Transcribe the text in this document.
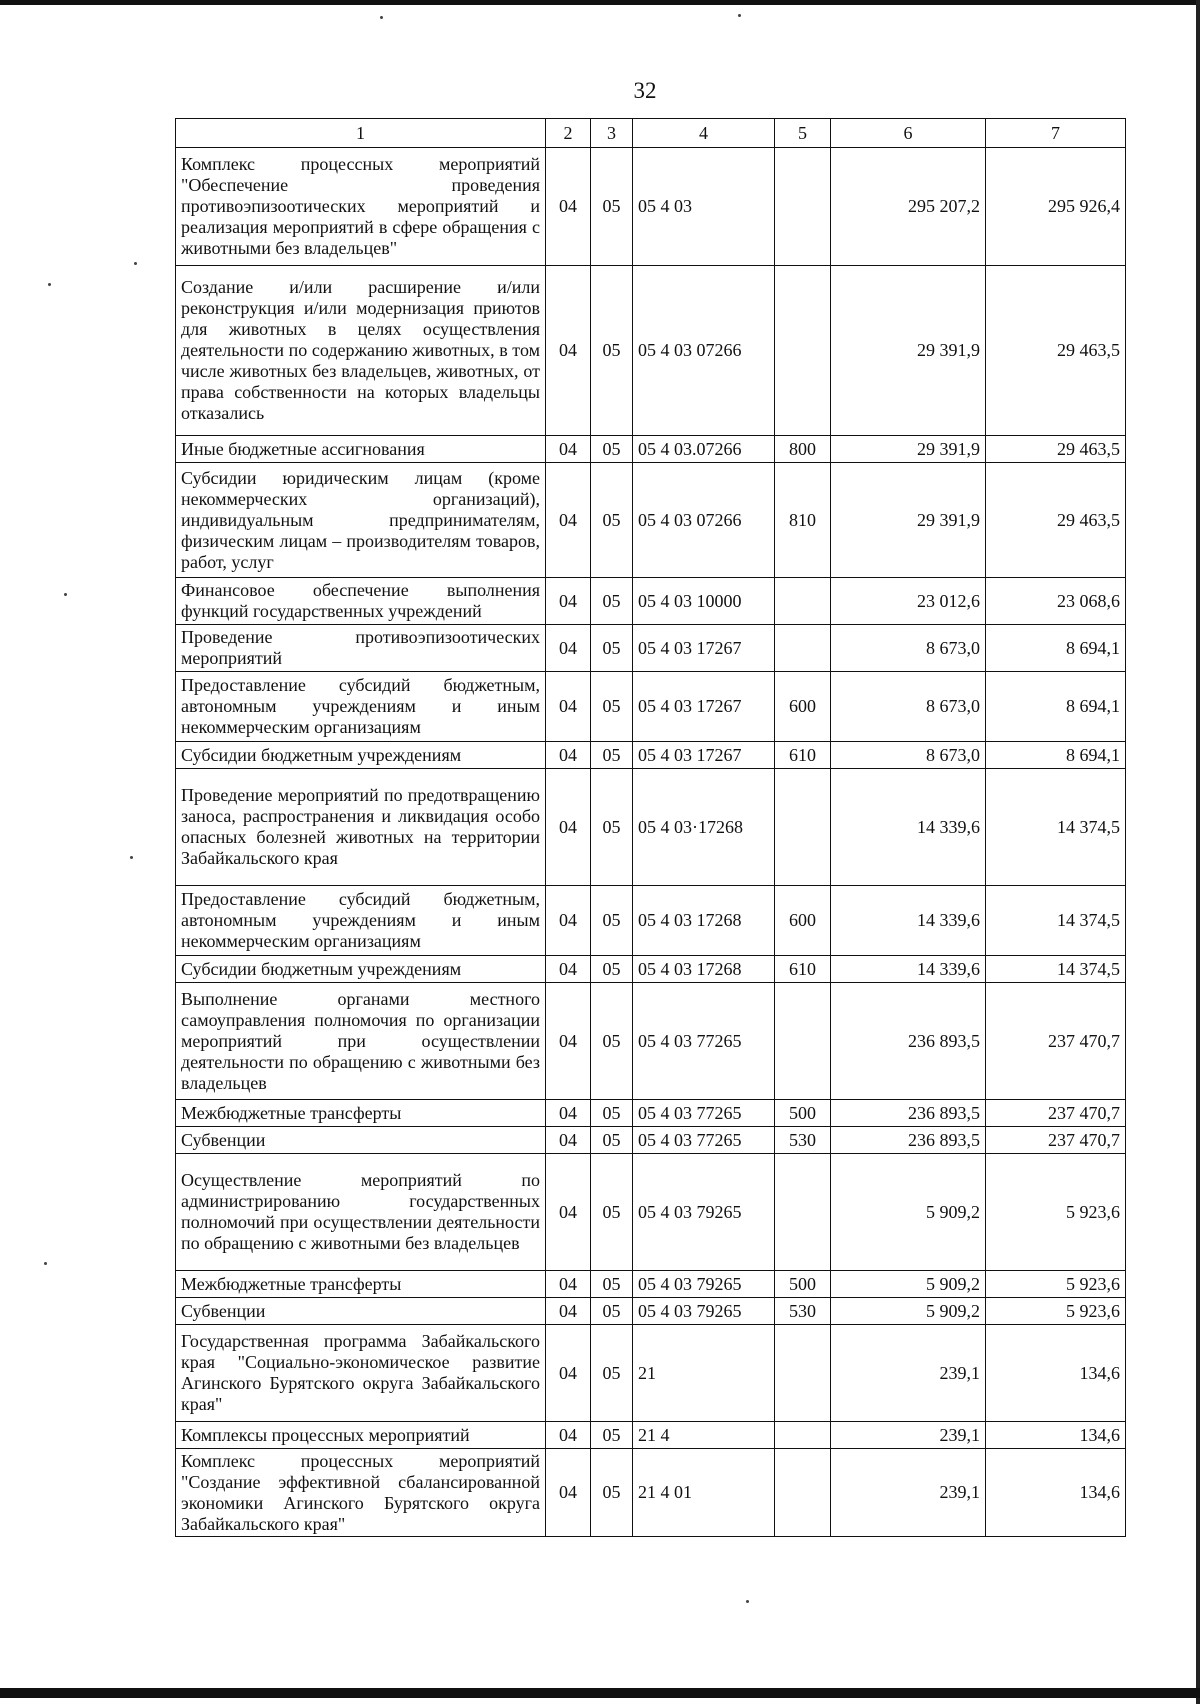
32
1	2	3	4	5	6	7
Комплекс процессных мероприятий "Обеспечение проведения противоэпизоотических мероприятий и реализация мероприятий в сфере обращения с животными без владельцев"	04	05	05 4 03		295 207,2	295 926,4
Создание и/или расширение и/или реконструкция и/или модернизация приютов для животных в целях осуществления деятельности по содержанию животных, в том числе животных без владельцев, животных, от права собственности на которых владельцы отказались	04	05	05 4 03 07266		29 391,9	29 463,5
Иные бюджетные ассигнования	04	05	05 4 03.07266	800	29 391,9	29 463,5
Субсидии юридическим лицам (кроме некоммерческих организаций), индивидуальным предпринимателям, физическим лицам – производителям товаров, работ, услуг	04	05	05 4 03 07266	810	29 391,9	29 463,5
Финансовое обеспечение выполнения функций государственных учреждений	04	05	05 4 03 10000		23 012,6	23 068,6
Проведение противоэпизоотических мероприятий	04	05	05 4 03 17267		8 673,0	8 694,1
Предоставление субсидий бюджетным, автономным учреждениям и иным некоммерческим организациям	04	05	05 4 03 17267	600	8 673,0	8 694,1
Субсидии бюджетным учреждениям	04	05	05 4 03 17267	610	8 673,0	8 694,1
Проведение мероприятий по предотвращению заноса, распространения и ликвидация особо опасных болезней животных на территории Забайкальского края	04	05	05 4 03·17268		14 339,6	14 374,5
Предоставление субсидий бюджетным, автономным учреждениям и иным некоммерческим организациям	04	05	05 4 03 17268	600	14 339,6	14 374,5
Субсидии бюджетным учреждениям	04	05	05 4 03 17268	610	14 339,6	14 374,5
Выполнение органами местного самоуправления полномочия по организации мероприятий при осуществлении деятельности по обращению с животными без владельцев	04	05	05 4 03 77265		236 893,5	237 470,7
Межбюджетные трансферты	04	05	05 4 03 77265	500	236 893,5	237 470,7
Субвенции	04	05	05 4 03 77265	530	236 893,5	237 470,7
Осуществление мероприятий по администрированию государственных полномочий при осуществлении деятельности по обращению с животными без владельцев	04	05	05 4 03 79265		5 909,2	5 923,6
Межбюджетные трансферты	04	05	05 4 03 79265	500	5 909,2	5 923,6
Субвенции	04	05	05 4 03 79265	530	5 909,2	5 923,6
Государственная программа Забайкальского края "Социально-экономическое развитие Агинского Бурятского округа Забайкальского края"	04	05	21		239,1	134,6
Комплексы процессных мероприятий	04	05	21 4		239,1	134,6
Комплекс процессных мероприятий "Создание эффективной сбалансированной экономики Агинского Бурятского округа Забайкальского края"	04	05	21 4 01		239,1	134,6
